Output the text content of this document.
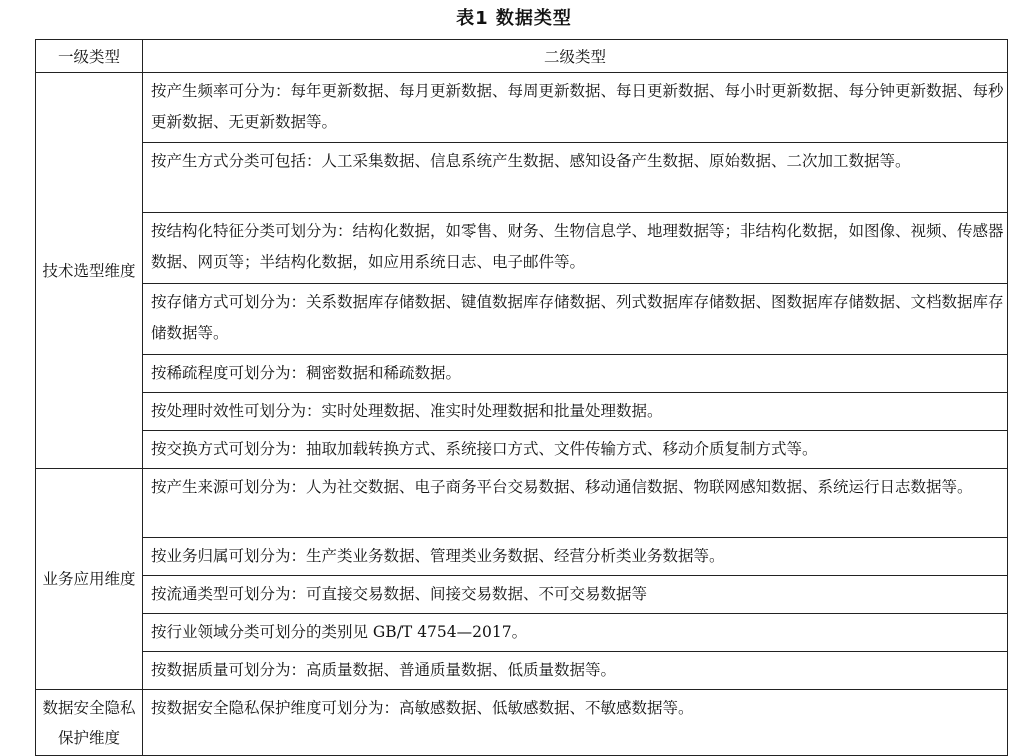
表1 数据类型
一级类型	二级类型
技术选型维度	按产生频率可分为：每年更新数据、每月更新数据、每周更新数据、每日更新数据、每小时更新数据、每分钟更新数据、每秒更新数据、无更新数据等。
	按产生方式分类可包括：人工采集数据、信息系统产生数据、感知设备产生数据、原始数据、二次加工数据等。
	按结构化特征分类可划分为：结构化数据，如零售、财务、生物信息学、地理数据等；非结构化数据，如图像、视频、传感器数据、网页等；半结构化数据，如应用系统日志、电子邮件等。
	按存储方式可划分为：关系数据库存储数据、键值数据库存储数据、列式数据库存储数据、图数据库存储数据、文档数据库存储数据等。
	按稀疏程度可划分为：稠密数据和稀疏数据。
	按处理时效性可划分为：实时处理数据、准实时处理数据和批量处理数据。
	按交换方式可划分为：抽取加载转换方式、系统接口方式、文件传输方式、移动介质复制方式等。
业务应用维度	按产生来源可划分为：人为社交数据、电子商务平台交易数据、移动通信数据、物联网感知数据、系统运行日志数据等。
	按业务归属可划分为：生产类业务数据、管理类业务数据、经营分析类业务数据等。
	按流通类型可划分为：可直接交易数据、间接交易数据、不可交易数据等
	按行业领域分类可划分的类别见 GB/T 4754—2017。
	按数据质量可划分为：高质量数据、普通质量数据、低质量数据等。
数据安全隐私保护维度	按数据安全隐私保护维度可划分为：高敏感数据、低敏感数据、不敏感数据等。
